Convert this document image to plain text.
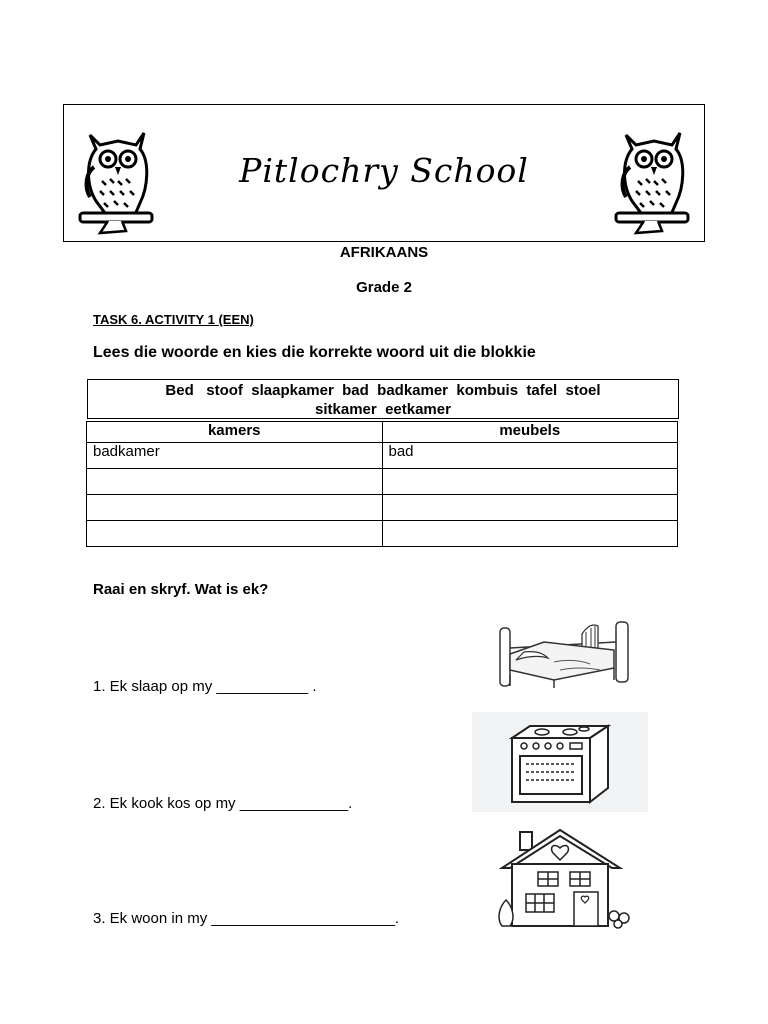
Pitlochry School
AFRIKAANS
Grade 2
TASK 6. ACTIVITY 1 (EEN)
Lees die woorde en kies die korrekte woord uit die blokkie
Bed   stoof  slaapkamer  bad  badkamer  kombuis  tafel  stoel
sitkamer  eetkamer
kamers	meubels
badkamer	bad

Raai en skryf. Wat is ek?
1. Ek slaap op my ___________ .
2. Ek kook kos op my _____________.
3. Ek woon in my ______________________.
